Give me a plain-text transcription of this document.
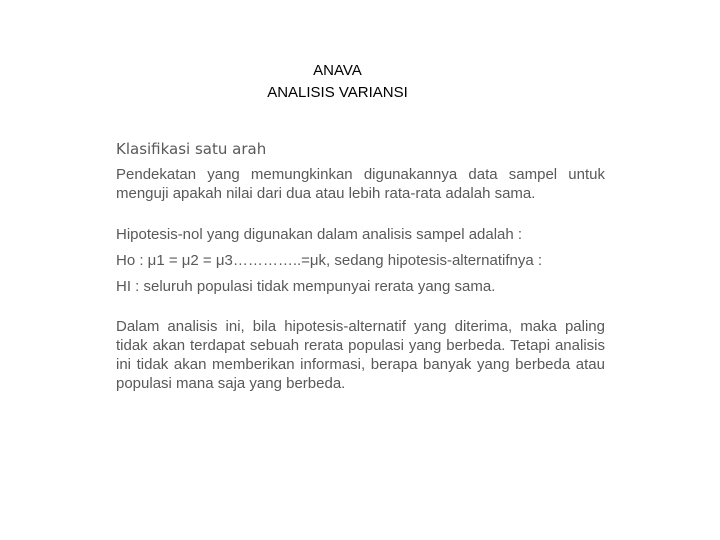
ANAVA
ANALISIS VARIANSI
Klasifikasi satu arah

Pendekatan yang memungkinkan digunakannya data sampel untuk menguji apakah nilai dari dua atau lebih rata-rata adalah sama.

Hipotesis-nol yang digunakan dalam analisis sampel adalah :

Ho : μ1 = μ2 = μ3…………..=μk, sedang hipotesis-alternatifnya :

HI : seluruh populasi tidak mempunyai rerata yang sama.

Dalam analisis ini, bila hipotesis-alternatif yang diterima, maka paling tidak akan terdapat sebuah rerata populasi yang berbeda. Tetapi analisis ini tidak akan memberikan informasi, berapa banyak yang berbeda atau populasi mana saja yang berbeda.
